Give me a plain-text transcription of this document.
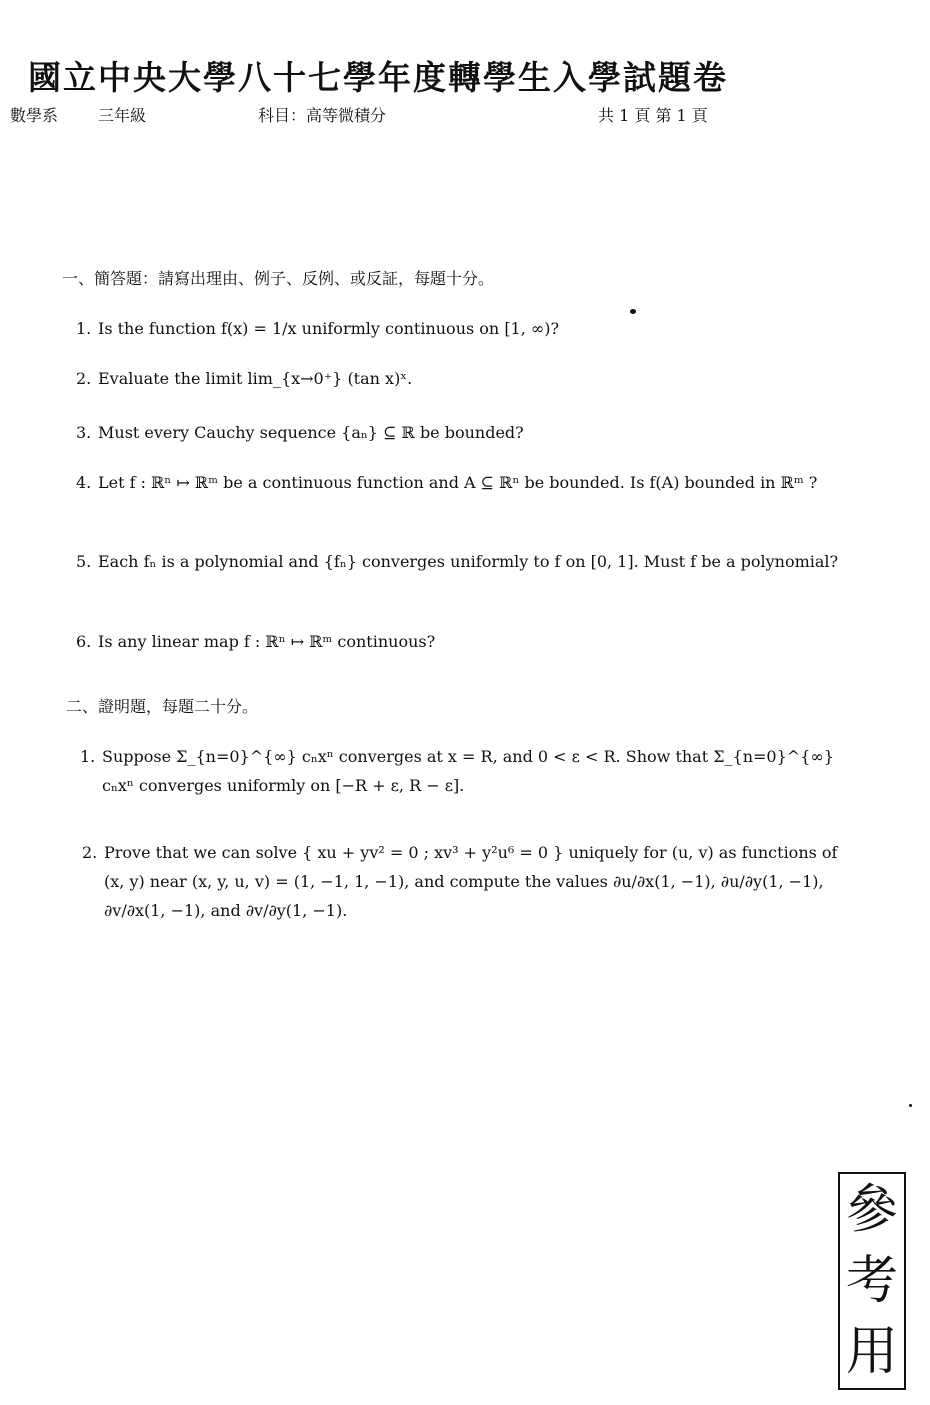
國立中央大學八十七學年度轉學生入學試題卷
數學系 三年級	科目：高等微積分	共 1 頁 第 1 頁
一、簡答題：請寫出理由、例子、反例、或反証，每題十分。
1. Is the function f(x) = 1/x uniformly continuous on [1, ∞)?
2. Evaluate the limit lim_{x→0⁺} (tan x)ˣ.
3. Must every Cauchy sequence {aₙ} ⊆ ℝ be bounded?
4. Let f : ℝⁿ ↦ ℝᵐ be a continuous function and A ⊆ ℝⁿ be bounded. Is f(A) bounded in ℝᵐ ?
5. Each fₙ is a polynomial and {fₙ} converges uniformly to f on [0, 1]. Must f be a polynomial?
6. Is any linear map f : ℝⁿ ↦ ℝᵐ continuous?
二、證明題，每題二十分。
1. Suppose Σ_{n=0}^{∞} cₙxⁿ converges at x = R, and 0 < ε < R. Show that Σ_{n=0}^{∞} cₙxⁿ converges uniformly on [−R + ε, R − ε].
2. Prove that we can solve { xu + yv² = 0 ; xv³ + y²u⁶ = 0 } uniquely for (u, v) as functions of (x, y) near (x, y, u, v) = (1, −1, 1, −1), and compute the values ∂u/∂x(1, −1), ∂u/∂y(1, −1), ∂v/∂x(1, −1), and ∂v/∂y(1, −1).
參
考
用
